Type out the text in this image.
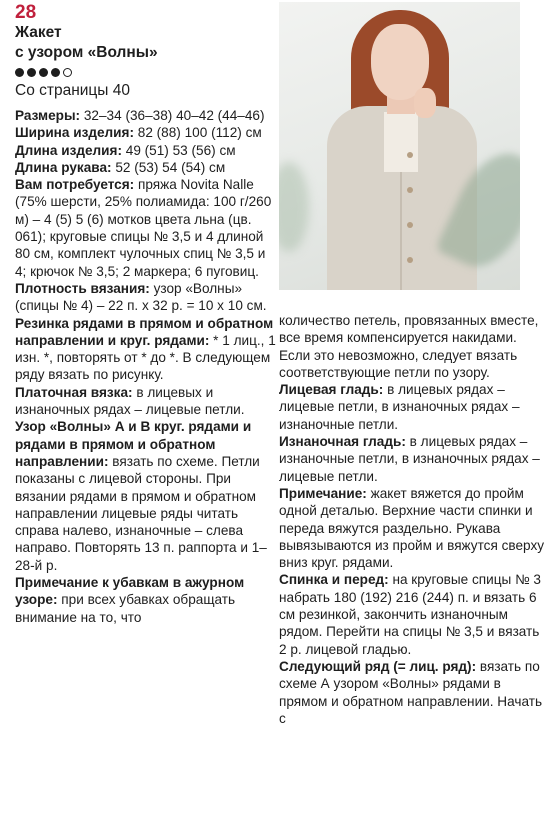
28
Жакет
с узором «Волны»
Со страницы 40

Размеры: 32–34 (36–38) 40–42 (44–46)

Ширина изделия: 82 (88) 100 (112) см

Длина изделия: 49 (51) 53 (56) см

Длина рукава: 52 (53) 54 (54) см

Вам потребуется: пряжа Novita Nalle (75% шерсти, 25% полиамида: 100 г/260 м) – 4 (5) 5 (6) мотков цвета льна (цв. 061); круговые спицы № 3,5 и 4 длиной 80 см, комплект чулочных спиц № 3,5 и 4; крючок № 3,5; 2 маркера; 6 пуговиц.

Плотность вязания: узор «Волны» (спицы № 4) – 22 п. х 32 р. = 10 х 10 см.

Резинка рядами в прямом и обратном направлении и круг. рядами: * 1 лиц., 1 изн. *, повторять от * до *. В следующем ряду вязать по рисунку.

Платочная вязка: в лицевых и изнаночных рядах – лицевые петли.

Узор «Волны» А и В круг. рядами и рядами в прямом и обратном направлении: вязать по схеме. Петли показаны с лицевой стороны. При вязании рядами в прямом и обратном направлении лицевые ряды читать справа налево, изнаночные – слева направо. Повторять 13 п. раппорта и 1–28-й р.

Примечание к убавкам в ажурном узоре: при всех убавках обращать внимание на то, что

количество петель, провязанных вместе, все время компенсируется накидами. Если это невозможно, следует вязать соответствующие петли по узору.

Лицевая гладь: в лицевых рядах – лицевые петли, в изнаночных рядах – изнаночные петли.

Изнаночная гладь: в лицевых рядах – изнаночные петли, в изнаночных рядах – лицевые петли.

Примечание: жакет вяжется до пройм одной деталью. Верхние части спинки и переда вяжутся раздельно. Рукава вывязываются из пройм и вяжутся сверху вниз круг. рядами.

Спинка и перед: на круговые спицы № 3 набрать 180 (192) 216 (244) п. и вязать 6 см резинкой, закончить изнаночным рядом. Перейти на спицы № 3,5 и вязать 2 р. лицевой гладью.

Следующий ряд (= лиц. ряд): вязать по схеме А узором «Волны» рядами в прямом и обратном направлении. Начать с
